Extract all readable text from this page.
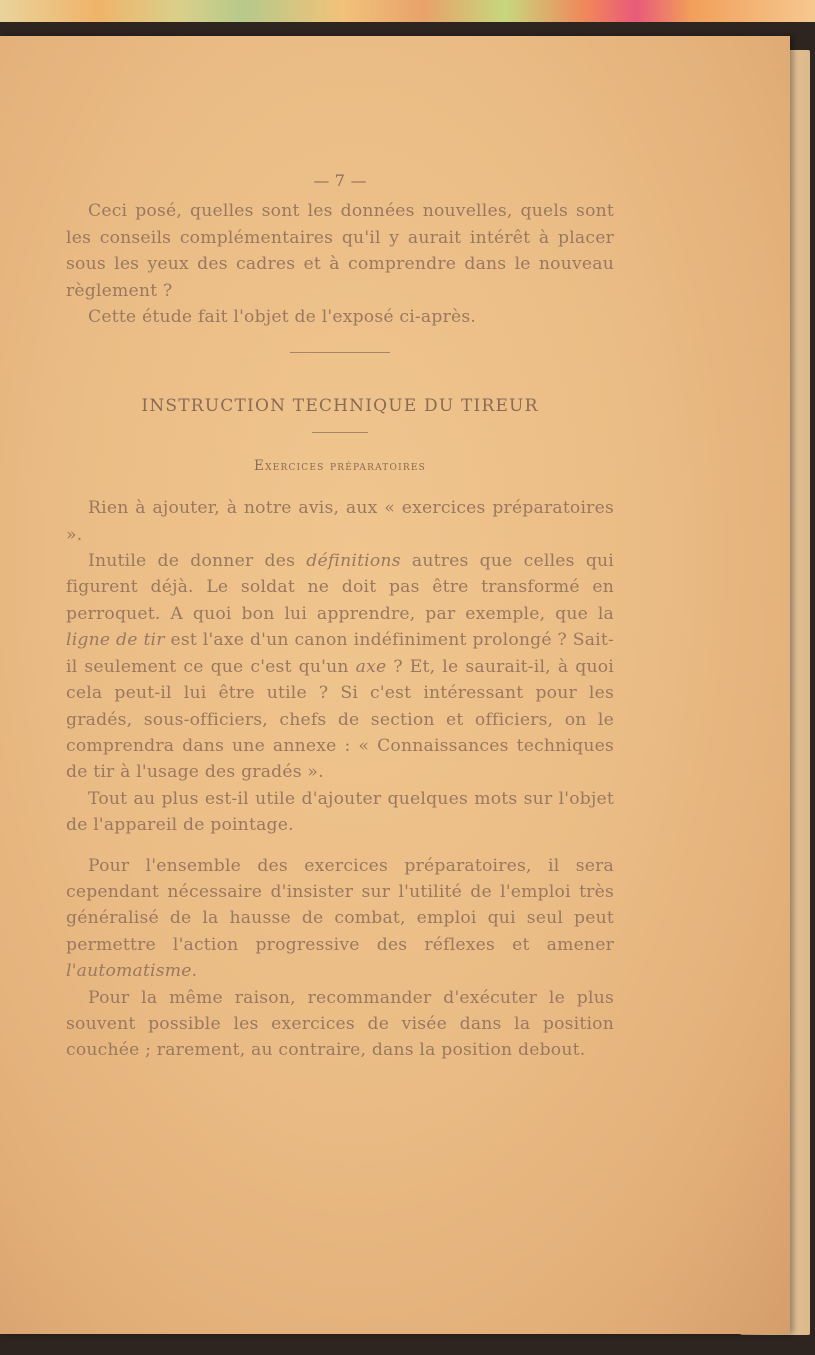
— 7 —

Ceci posé, quelles sont les données nouvelles, quels sont les conseils complémentaires qu'il y aurait intérêt à placer sous les yeux des cadres et à comprendre dans le nouveau règlement ?

Cette étude fait l'objet de l'exposé ci-après.

INSTRUCTION TECHNIQUE DU TIREUR
Exercices préparatoires

Rien à ajouter, à notre avis, aux « exercices préparatoires ».

Inutile de donner des définitions autres que celles qui figurent déjà. Le soldat ne doit pas être transformé en perroquet. A quoi bon lui apprendre, par exemple, que la ligne de tir est l'axe d'un canon indéfiniment prolongé ? Sait-il seulement ce que c'est qu'un axe ? Et, le saurait-il, à quoi cela peut-il lui être utile ? Si c'est intéressant pour les gradés, sous-officiers, chefs de section et officiers, on le comprendra dans une annexe : « Connaissances techniques de tir à l'usage des gradés ».

Tout au plus est-il utile d'ajouter quelques mots sur l'objet de l'appareil de pointage.

Pour l'ensemble des exercices préparatoires, il sera cependant nécessaire d'insister sur l'utilité de l'emploi très généralisé de la hausse de combat, emploi qui seul peut permettre l'action progressive des réflexes et amener l'automatisme.

Pour la même raison, recommander d'exécuter le plus souvent possible les exercices de visée dans la position couchée ; rarement, au contraire, dans la position debout.
